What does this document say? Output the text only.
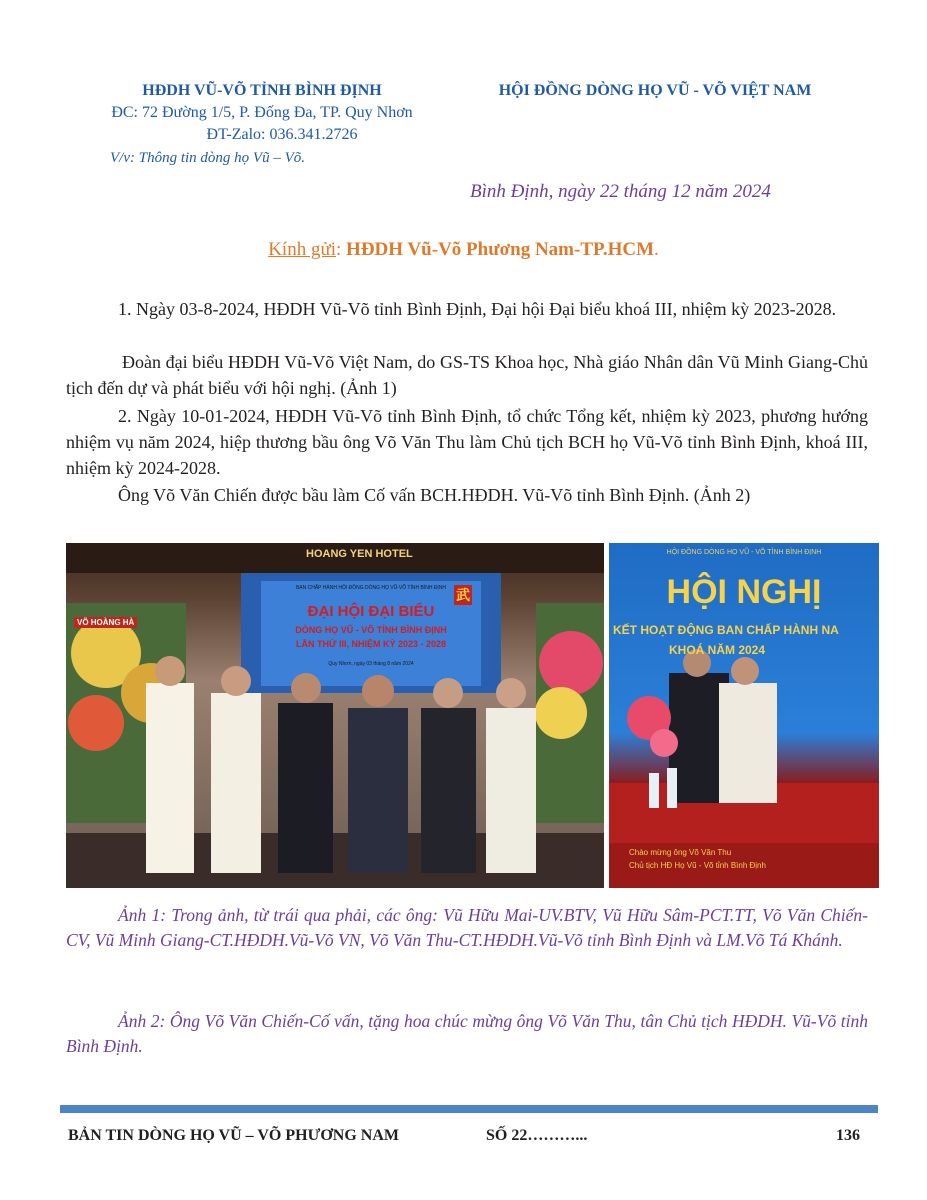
HĐDH VŨ-VÕ TỈNH BÌNH ĐỊNH
ĐC: 72 Đường 1/5, P. Đống Đa, TP. Quy Nhơn
ĐT-Zalo: 036.341.2726
V/v: Thông tin dòng họ Vũ – Võ.
HỘI ĐỒNG DÒNG HỌ VŨ - VÕ VIỆT NAM
Bình Định, ngày 22 tháng 12 năm 2024
Kính gửi: HĐDH Vũ-Võ Phương Nam-TP.HCM.
1. Ngày 03-8-2024, HĐDH Vũ-Võ tỉnh Bình Định, Đại hội Đại biểu khoá III, nhiệm kỳ 2023-2028.
Đoàn đại biểu HĐDH Vũ-Võ Việt Nam, do GS-TS Khoa học, Nhà giáo Nhân dân Vũ Minh Giang-Chủ tịch đến dự và phát biểu với hội nghị. (Ảnh 1)
2. Ngày 10-01-2024, HĐDH Vũ-Võ tỉnh Bình Định, tổ chức Tổng kết, nhiệm kỳ 2023, phương hướng nhiệm vụ năm 2024, hiệp thương bầu ông Võ Văn Thu làm Chủ tịch BCH họ Vũ-Võ tỉnh Bình Định, khoá III, nhiệm kỳ 2024-2028.
Ông Võ Văn Chiến được bầu làm Cố vấn BCH.HĐDH. Vũ-Võ tỉnh Bình Định. (Ảnh 2)
HOANG YEN HOTEL
BAN CHẤP HÀNH HỘI ĐỒNG DÒNG HỌ VŨ-VÕ TỈNH BÌNH ĐỊNH
ĐẠI HỘI ĐẠI BIỂU
DÒNG HỌ VŨ - VÕ TỈNH BÌNH ĐỊNH
LẦN THỨ III, NHIỆM KỲ 2023 - 2028
Quy Nhơn, ngày 03 tháng 8 năm 2024
武
VÕ HOÀNG HÀ
HỘI ĐỒNG DÒNG HỌ VŨ - VÕ TỈNH BÌNH ĐỊNH
HỘI NGHỊ
KẾT HOẠT ĐỘNG BAN CHẤP HÀNH NA
KHOÁ NĂM 2024
Chào mừng ông Võ Văn Thu
Chủ tịch HĐ Họ Vũ - Võ tỉnh Bình Định
Ảnh 1: Trong ảnh, từ trái qua phải, các ông: Vũ Hữu Mai-UV.BTV, Vũ Hữu Sâm-PCT.TT, Võ Văn Chiến-CV, Vũ Minh Giang-CT.HĐDH.Vũ-Võ VN, Võ Văn Thu-CT.HĐDH.Vũ-Võ tỉnh Bình Định và LM.Võ Tá Khánh.
Ảnh 2: Ông Võ Văn Chiến-Cố vấn, tặng hoa chúc mừng ông Võ Văn Thu, tân Chủ tịch HĐDH. Vũ-Võ tỉnh Bình Định.
BẢN TIN DÒNG HỌ VŨ – VÕ PHƯƠNG NAM	SỐ 22………...	136
